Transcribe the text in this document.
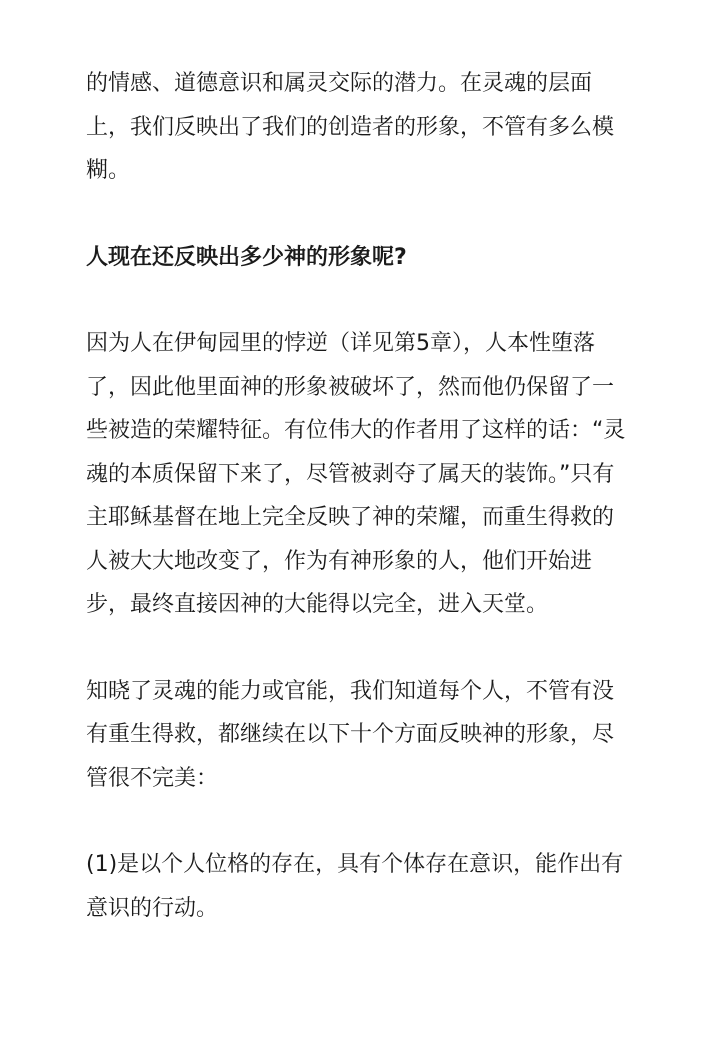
的情感、道德意识和属灵交际的潜力。在灵魂的层面上，我们反映出了我们的创造者的形象，不管有多么模糊。

人现在还反映出多少神的形象呢?

因为人在伊甸园里的悖逆（详见第5章），人本性堕落了，因此他里面神的形象被破坏了，然而他仍保留了一些被造的荣耀特征。有位伟大的作者用了这样的话：“灵魂的本质保留下来了，尽管被剥夺了属天的装饰。”只有主耶稣基督在地上完全反映了神的荣耀，而重生得救的人被大大地改变了，作为有神形象的人，他们开始进步，最终直接因神的大能得以完全，进入天堂。

知晓了灵魂的能力或官能，我们知道每个人，不管有没有重生得救，都继续在以下十个方面反映神的形象，尽管很不完美：

(1)是以个人位格的存在，具有个体存在意识，能作出有意识的行动。
